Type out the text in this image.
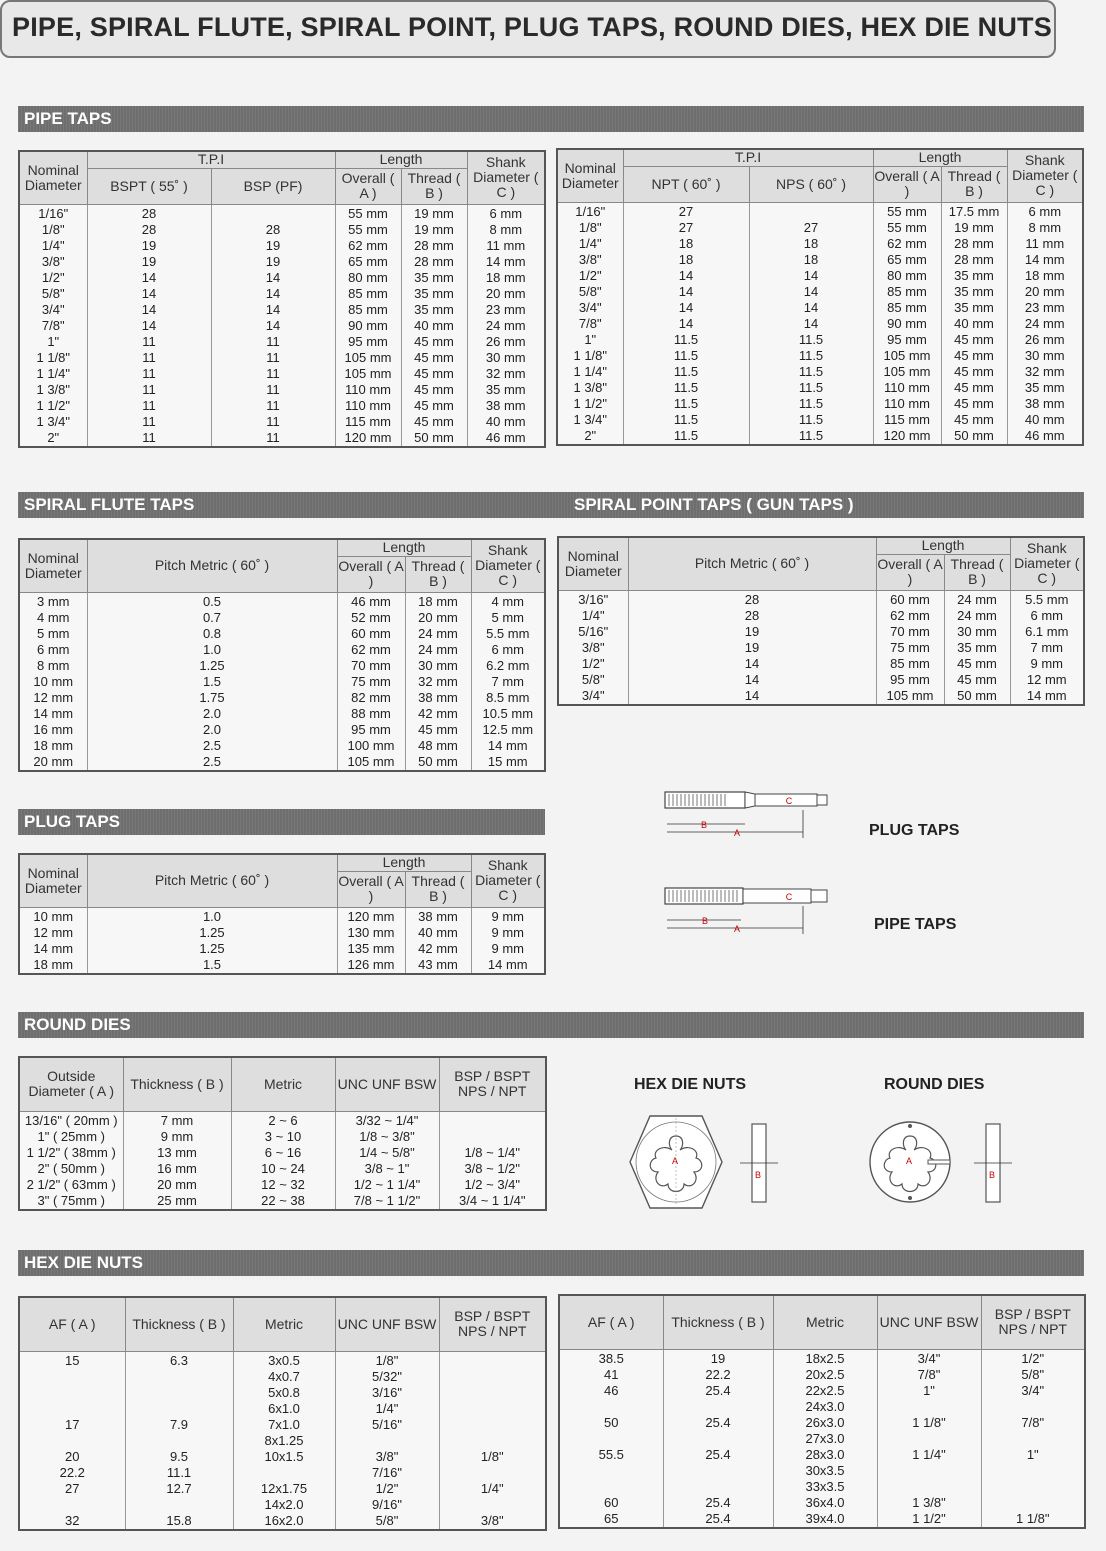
PIPE, SPIRAL FLUTE, SPIRAL POINT, PLUG TAPS, ROUND DIES, HEX DIE NUTS
PIPE TAPS
SPIRAL FLUTE TAPS	SPIRAL POINT TAPS ( GUN TAPS )
PLUG TAPS
ROUND DIES
HEX DIE NUTS
Nominal Diameter	T.P.I		Length		Shank Diameter ( C )
	BSPT ( 55˚ )	BSP (PF)	Overall ( A )	Thread ( B )	
1/16"	28		55 mm	19 mm	6 mm
1/8"	28	28	55 mm	19 mm	8 mm
1/4"	19	19	62 mm	28 mm	11 mm
3/8"	19	19	65 mm	28 mm	14 mm
1/2"	14	14	80 mm	35 mm	18 mm
5/8"	14	14	85 mm	35 mm	20 mm
3/4"	14	14	85 mm	35 mm	23 mm
7/8"	14	14	90 mm	40 mm	24 mm
1"	11	11	95 mm	45 mm	26 mm
1 1/8"	11	11	105 mm	45 mm	30 mm
1 1/4"	11	11	105 mm	45 mm	32 mm
1 3/8"	11	11	110 mm	45 mm	35 mm
1 1/2"	11	11	110 mm	45 mm	38 mm
1 3/4"	11	11	115 mm	45 mm	40 mm
2"	11	11	120 mm	50 mm	46 mm
Nominal Diameter	T.P.I		Length		Shank Diameter ( C )
	NPT ( 60˚ )	NPS ( 60˚ )	Overall ( A )	Thread ( B )	
1/16"	27		55 mm	17.5 mm	6 mm
1/8"	27	27	55 mm	19 mm	8 mm
1/4"	18	18	62 mm	28 mm	11 mm
3/8"	18	18	65 mm	28 mm	14 mm
1/2"	14	14	80 mm	35 mm	18 mm
5/8"	14	14	85 mm	35 mm	20 mm
3/4"	14	14	85 mm	35 mm	23 mm
7/8"	14	14	90 mm	40 mm	24 mm
1"	11.5	11.5	95 mm	45 mm	26 mm
1 1/8"	11.5	11.5	105 mm	45 mm	30 mm
1 1/4"	11.5	11.5	105 mm	45 mm	32 mm
1 3/8"	11.5	11.5	110 mm	45 mm	35 mm
1 1/2"	11.5	11.5	110 mm	45 mm	38 mm
1 3/4"	11.5	11.5	115 mm	45 mm	40 mm
2"	11.5	11.5	120 mm	50 mm	46 mm
Nominal Diameter	Pitch Metric ( 60˚ )	Length		Shank Diameter ( C )
		Overall ( A )	Thread ( B )	
3 mm	0.5	46 mm	18 mm	4 mm
4 mm	0.7	52 mm	20 mm	5 mm
5 mm	0.8	60 mm	24 mm	5.5 mm
6 mm	1.0	62 mm	24 mm	6 mm
8 mm	1.25	70 mm	30 mm	6.2 mm
10 mm	1.5	75 mm	32 mm	7 mm
12 mm	1.75	82 mm	38 mm	8.5 mm
14 mm	2.0	88 mm	42 mm	10.5 mm
16 mm	2.0	95 mm	45 mm	12.5 mm
18 mm	2.5	100 mm	48 mm	14 mm
20 mm	2.5	105 mm	50 mm	15 mm
Nominal Diameter	Pitch Metric ( 60˚ )	Length		Shank Diameter ( C )
		Overall ( A )	Thread ( B )	
3/16"	28	60 mm	24 mm	5.5 mm
1/4"	28	62 mm	24 mm	6 mm
5/16"	19	70 mm	30 mm	6.1 mm
3/8"	19	75 mm	35 mm	7 mm
1/2"	14	85 mm	45 mm	9 mm
5/8"	14	95 mm	45 mm	12 mm
3/4"	14	105 mm	50 mm	14 mm
Nominal Diameter	Pitch Metric ( 60˚ )	Length		Shank Diameter ( C )
		Overall ( A )	Thread ( B )	
10 mm	1.0	120 mm	38 mm	9 mm
12 mm	1.25	130 mm	40 mm	9 mm
14 mm	1.25	135 mm	42 mm	9 mm
18 mm	1.5	126 mm	43 mm	14 mm
Outside Diameter ( A )	Thickness ( B )	Metric	UNC UNF BSW	BSP / BSPT NPS / NPT
13/16" ( 20mm )	7 mm	2 ~ 6	3/32 ~ 1/4"	
1" ( 25mm )	9 mm	3 ~ 10	1/8 ~ 3/8"	
1 1/2" ( 38mm )	13 mm	6 ~ 16	1/4 ~ 5/8"	1/8 ~ 1/4"
2" ( 50mm )	16 mm	10 ~ 24	3/8 ~ 1"	3/8 ~ 1/2"
2 1/2" ( 63mm )	20 mm	12 ~ 32	1/2 ~ 1 1/4"	1/2 ~ 3/4"
3" ( 75mm )	25 mm	22 ~ 38	7/8 ~ 1 1/2"	3/4 ~ 1 1/4"
AF ( A )	Thickness ( B )	Metric	UNC UNF BSW	BSP / BSPT NPS / NPT
15	6.3	3x0.5	1/8"	
		4x0.7	5/32"	
		5x0.8	3/16"	
		6x1.0	1/4"	
17	7.9	7x1.0	5/16"	
		8x1.25		
20	9.5	10x1.5	3/8"	1/8"
22.2	11.1		7/16"	
27	12.7	12x1.75	1/2"	1/4"
		14x2.0	9/16"	
32	15.8	16x2.0	5/8"	3/8"
AF ( A )	Thickness ( B )	Metric	UNC UNF BSW	BSP / BSPT NPS / NPT
38.5	19	18x2.5	3/4"	1/2"
41	22.2	20x2.5	7/8"	5/8"
46	25.4	22x2.5	1"	3/4"
		24x3.0		
50	25.4	26x3.0	1 1/8"	7/8"
		27x3.0		
55.5	25.4	28x3.0	1 1/4"	1"
		30x3.5		
		33x3.5		
60	25.4	36x4.0	1 3/8"	
65	25.4	39x4.0	1 1/2"	1 1/8"
B
A
C
PLUG TAPS
B
A
C
PIPE TAPS
HEX DIE NUTS
A
B
ROUND DIES
A
B
